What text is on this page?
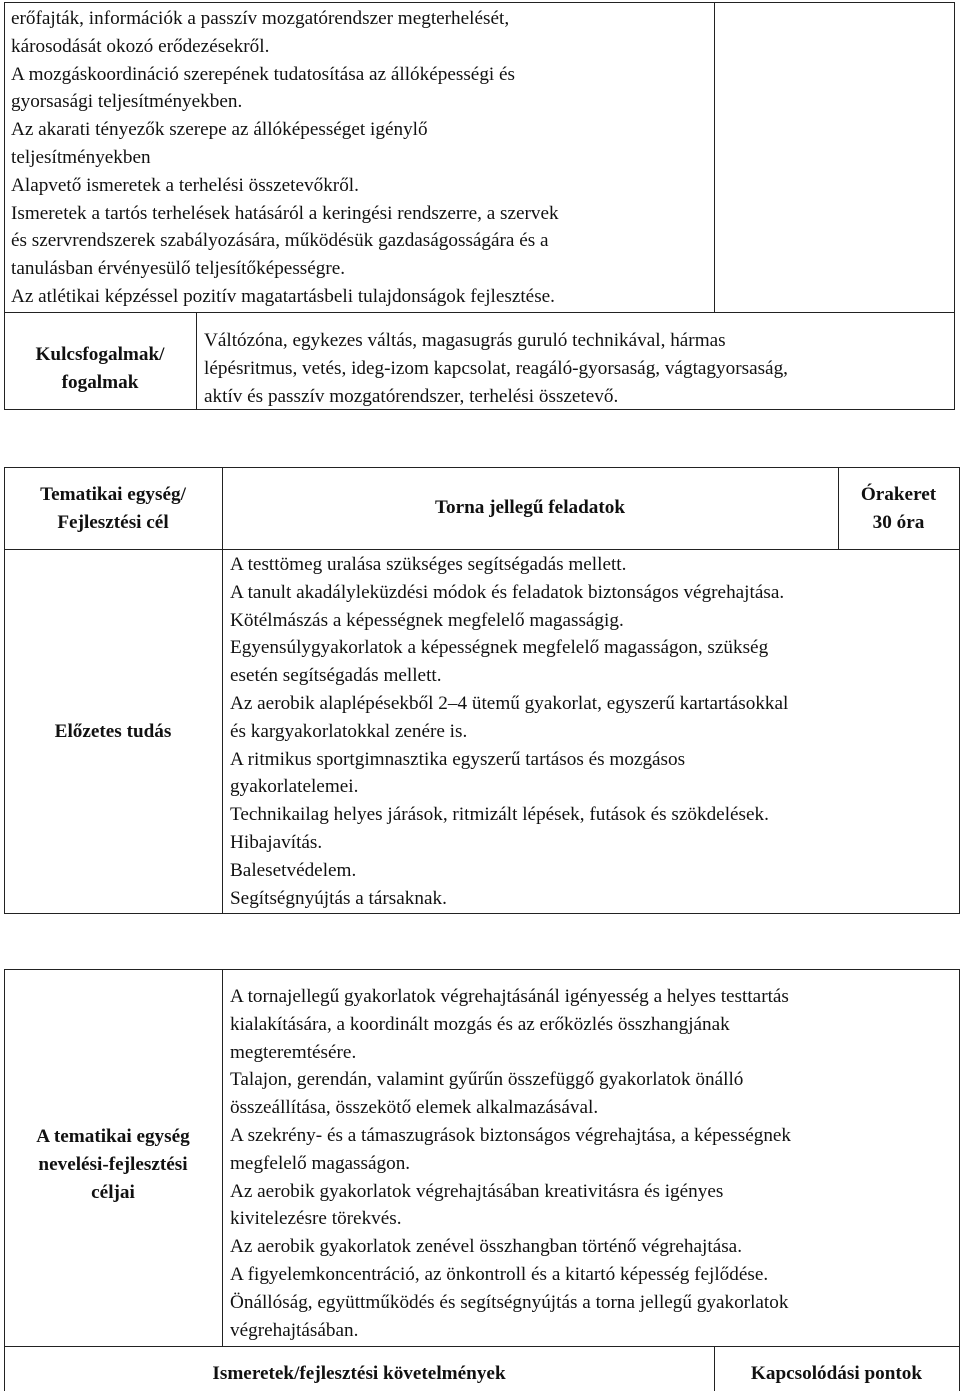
erőfajták, információk a passzív mozgatórendszer megterhelését,
károsodását okozó erődezésekről.
A mozgáskoordináció szerepének tudatosítása az állóképességi és
gyorsasági teljesítményekben.
Az akarati tényezők szerepe az állóképességet igénylő
teljesítményekben
Alapvető ismeretek a terhelési összetevőkről.
Ismeretek a tartós terhelések hatásáról a keringési rendszerre, a szervek
és szervrendszerek szabályozására, működésük gazdaságosságára és a
tanulásban érvényesülő teljesítőképességre.
Az atlétikai képzéssel pozitív magatartásbeli tulajdonságok fejlesztése.
Kulcsfogalmak/
fogalmak
Váltózóna, egykezes váltás, magasugrás guruló technikával, hármas
lépésritmus, vetés, ideg-izom kapcsolat, reagáló-gyorsaság, vágtagyorsaság,
aktív és passzív mozgatórendszer, terhelési összetevő.
Tematikai egység/
Fejlesztési cél
Torna jellegű feladatok
Órakeret
30 óra
Előzetes tudás
A testtömeg uralása szükséges segítségadás mellett.
A tanult akadályleküzdési módok és feladatok biztonságos végrehajtása.
Kötélmászás a képességnek megfelelő magasságig.
Egyensúlygyakorlatok a képességnek megfelelő magasságon, szükség
esetén segítségadás mellett.
Az aerobik alaplépésekből 2–4 ütemű gyakorlat, egyszerű kartartásokkal
és kargyakorlatokkal zenére is.
A ritmikus sportgimnasztika egyszerű tartásos és mozgásos
gyakorlatelemei.
Technikailag helyes járások, ritmizált lépések, futások és szökdelések.
Hibajavítás.
Balesetvédelem.
Segítségnyújtás a társaknak.
A tematikai egység
nevelési-fejlesztési
céljai
A tornajellegű gyakorlatok végrehajtásánál igényesség a helyes testtartás
kialakítására, a koordinált mozgás és az erőközlés összhangjának
megteremtésére.
Talajon, gerendán, valamint gyűrűn összefüggő gyakorlatok önálló
összeállítása, összekötő elemek alkalmazásával.
A szekrény- és a támaszugrások biztonságos végrehajtása, a képességnek
megfelelő magasságon.
Az aerobik gyakorlatok végrehajtásában kreativitásra és igényes
kivitelezésre törekvés.
Az aerobik gyakorlatok zenével összhangban történő végrehajtása.
A figyelemkoncentráció, az önkontroll és a kitartó képesség fejlődése.
Önállóság, együttműködés és segítségnyújtás a torna jellegű gyakorlatok
végrehajtásában.
Ismeretek/fejlesztési követelmények	Kapcsolódási pontok
